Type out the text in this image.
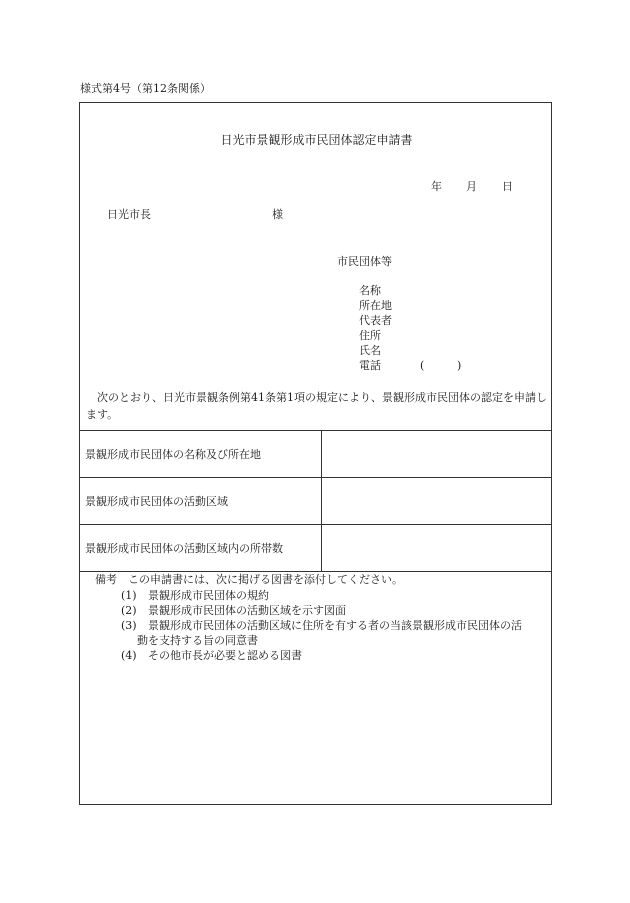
様式第4号（第12条関係）
日光市景観形成市民団体認定申請書
年 月 日
日光市長	様
市民団体等
名称
所在地
代表者
住所
氏名
電話	(	)
次のとおり、日光市景観条例第41条第1項の規定により、景観形成市民団体の認定を申請します。
景観形成市民団体の名称及び所在地	
景観形成市民団体の活動区域	
景観形成市民団体の活動区域内の所帯数	
備考　この申請書には、次に掲げる図書を添付してください。
(1) 景観形成市民団体の規約
(2) 景観形成市民団体の活動区域を示す図面
(3) 景観形成市民団体の活動区域に住所を有する者の当該景観形成市民団体の活
動を支持する旨の同意書
(4) その他市長が必要と認める図書
